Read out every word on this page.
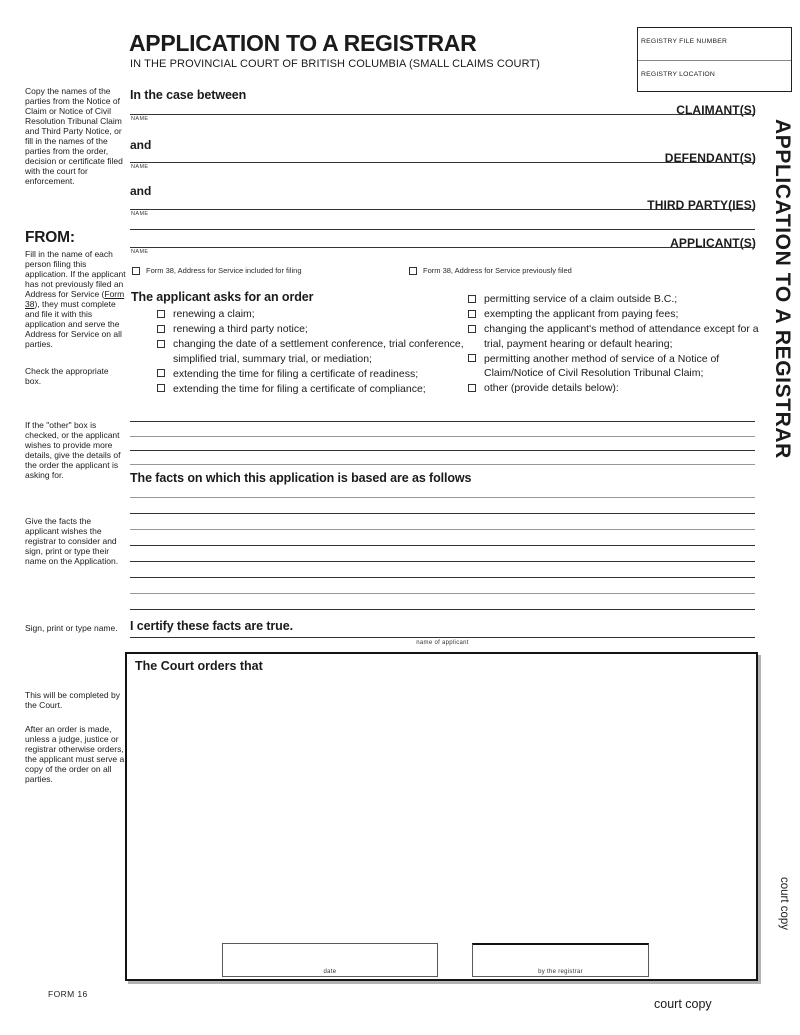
APPLICATION TO A REGISTRAR
IN THE PROVINCIAL COURT OF BRITISH COLUMBIA (SMALL CLAIMS COURT)
REGISTRY FILE NUMBER
REGISTRY LOCATION
Copy the names of the parties from the Notice of Claim or Notice of Civil Resolution Tribunal Claim and Third Party Notice, or fill in the names of the parties from the order, decision or certificate filed with the court for enforcement.
FROM:
Fill in the name of each person filing this application. If the applicant has not previously filed an Address for Service (Form 38), they must complete and file it with this application and serve the Address for Service on all parties.
Check the appropriate box.
If the "other" box is checked, or the applicant wishes to provide more details, give the details of the order the applicant is asking for.
Give the facts the applicant wishes the registrar to consider and sign, print or type their name on the Application.
Sign, print or type name.
This will be completed by the Court.
After an order is made, unless a judge, justice or registrar otherwise orders, the applicant must serve a copy of the order on all parties.
In the case between
CLAIMANT(S)
NAME
and
DEFENDANT(S)
NAME
and
THIRD PARTY(IES)
NAME
APPLICANT(S)
NAME
Form 38, Address for Service included for filing	Form 38, Address for Service previously filed
The applicant asks for an order
renewing a claim;
renewing a third party notice;
changing the date of a settlement conference, trial conference, simplified trial, summary trial, or mediation;
extending the time for filing a certificate of readiness;
extending the time for filing a certificate of compliance;
permitting service of a claim outside B.C.;
exempting the applicant from paying fees;
changing the applicant's method of attendance except for a trial, payment hearing or default hearing;
permitting another method of service of a Notice of Claim/Notice of Civil Resolution Tribunal Claim;
other (provide details below):
The facts on which this application is based are as follows
I certify these facts are true.
name of applicant
The Court orders that
date	by the registrar
FORM 16
court copy
APPLICATION TO A REGISTRAR
court copy
